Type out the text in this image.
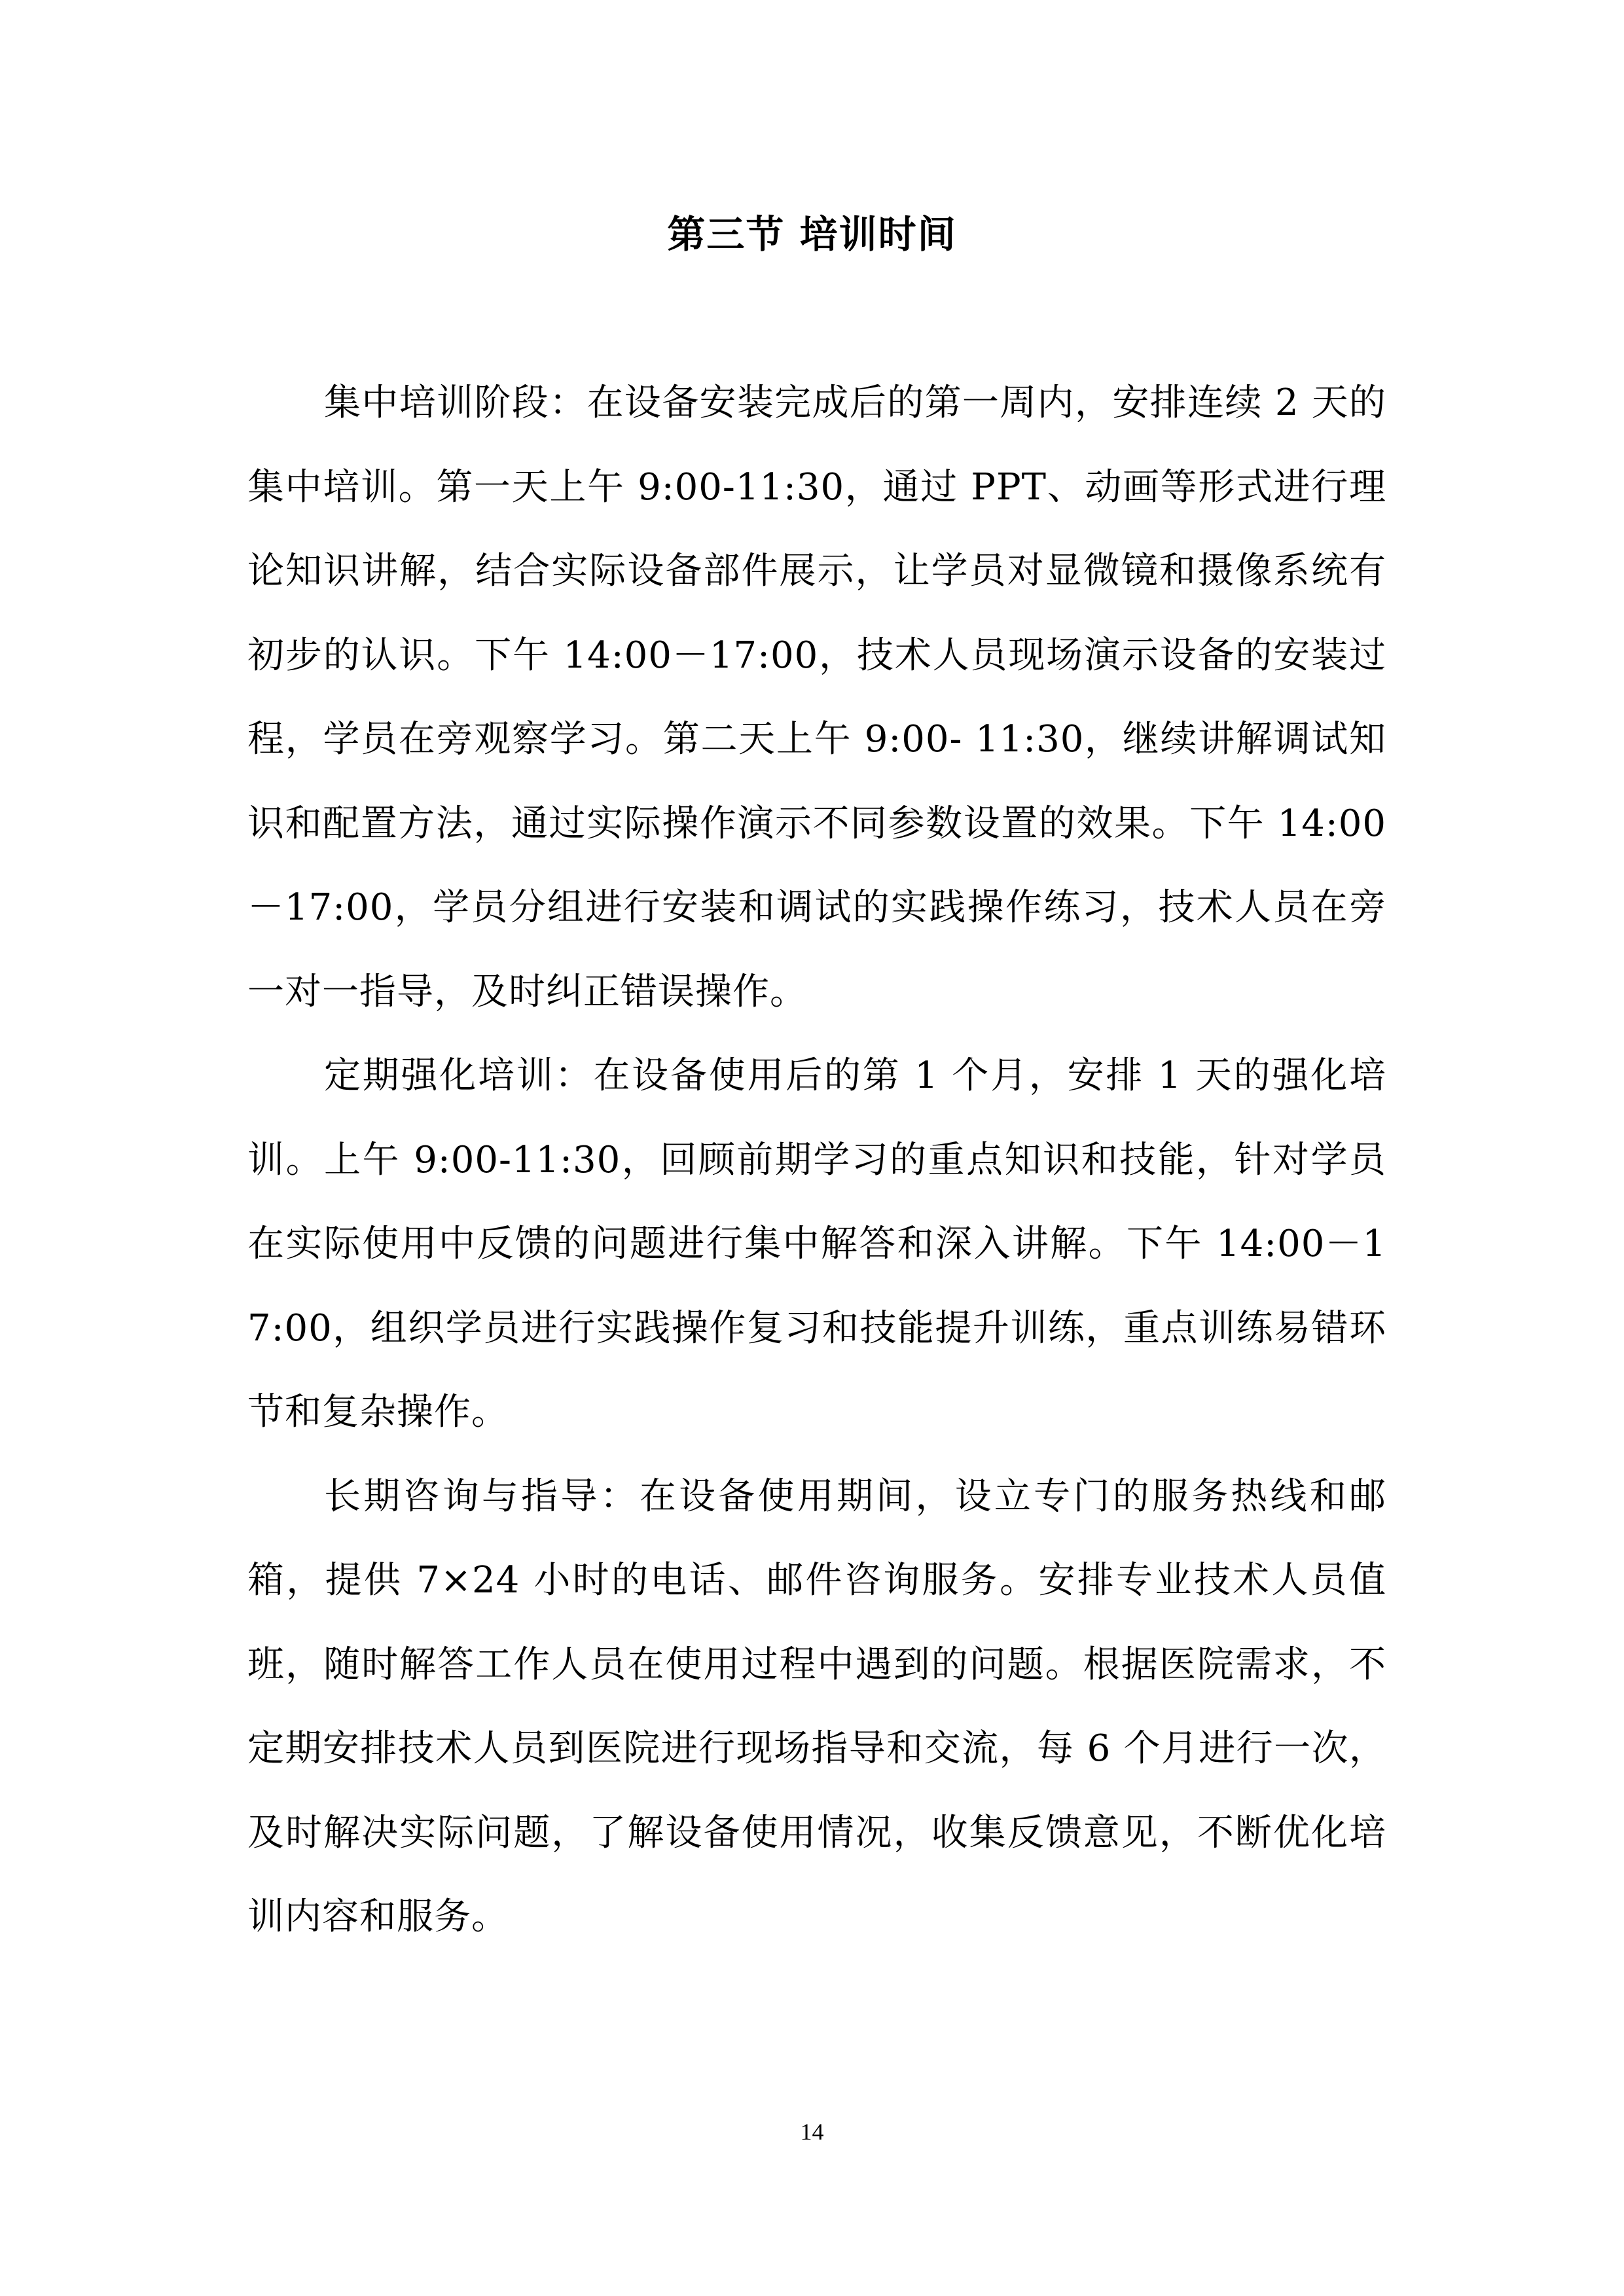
第三节 培训时间

集中培训阶段：在设备安装完成后的第一周内，安排连续 2 天的集中培训。第一天上午 9:00-11:30，通过 PPT、动画等形式进行理论知识讲解，结合实际设备部件展示，让学员对显微镜和摄像系统有初步的认识。下午 14:00－17:00，技术人员现场演示设备的安装过程，学员在旁观察学习。第二天上午 9:00- 11:30，继续讲解调试知识和配置方法，通过实际操作演示不同参数设置的效果。下午 14:00 －17:00，学员分组进行安装和调试的实践操作练习，技术人员在旁一对一指导，及时纠正错误操作。

定期强化培训：在设备使用后的第 1 个月，安排 1 天的强化培训。上午 9:00-11:30，回顾前期学习的重点知识和技能，针对学员在实际使用中反馈的问题进行集中解答和深入讲解。下午 14:00－17:00，组织学员进行实践操作复习和技能提升训练，重点训练易错环节和复杂操作。

长期咨询与指导：在设备使用期间，设立专门的服务热线和邮箱，提供 7×24 小时的电话、邮件咨询服务。安排专业技术人员值班，随时解答工作人员在使用过程中遇到的问题。根据医院需求，不定期安排技术人员到医院进行现场指导和交流，每 6 个月进行一次，及时解决实际问题，了解设备使用情况，收集反馈意见，不断优化培训内容和服务。

14
